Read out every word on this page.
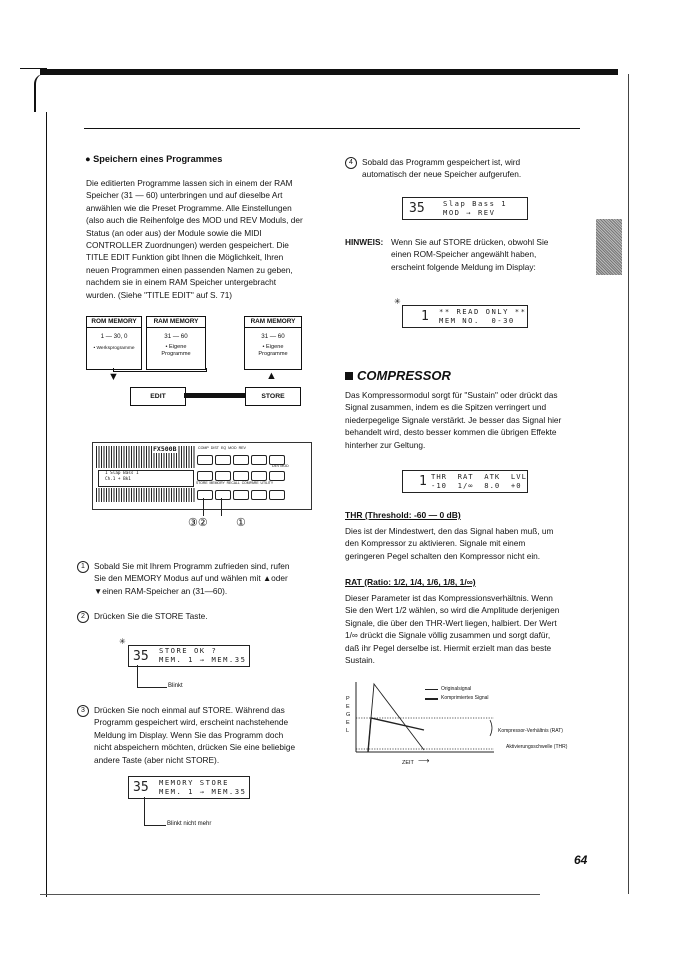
● Speichern eines Programmes
Die editierten Programme lassen sich in einem der RAM
Speicher (31 — 60) unterbringen und auf dieselbe Art
anwählen wie die Preset Programme. Alle Einstellungen
(also auch die Reihenfolge des MOD und REV Moduls, der
Status (an oder aus) der Module sowie die MIDI
CONTROLLER Zuordnungen) werden gespeichert. Die
TITLE EDIT Funktion gibt Ihnen die Möglichkeit, Ihren
neuen Programmen einen passenden Namen zu geben,
nachdem sie in einem RAM Speicher untergebracht
wurden. (Siehe "TITLE EDIT" auf S. 71)
ROM MEMORY
1 — 30, 0
• Werksprogramme
RAM MEMORY
31 — 60
• Eigene
Programme
RAM MEMORY
31 — 60
• Eigene
Programme
▼	▲
EDIT	STORE
FX500B
1 Slap Bass 1
Ch.1 + Bk1
COMP DIST EQ MOD REV
DEV MOD
STORE MEMORY RECALL COMPARE UTILITY
③②	①
1	Sobald Sie mit Ihrem Programm zufrieden sind, rufen
Sie den MEMORY Modus auf und wählen mit ▲oder
▼einen RAM-Speicher an (31—60).
2	Drücken Sie die STORE Taste.
35 STORE OK ?
MEM. 1 → MEM.35
✳
Blinkt
3	Drücken Sie noch einmal auf STORE. Während das
Programm gespeichert wird, erscheint nachstehende
Meldung im Display. Wenn Sie das Programm doch
nicht abspeichern möchten, drücken Sie eine beliebige
andere Taste (aber nicht STORE).
35 MEMORY STORE
MEM. 1 → MEM.35
Blinkt nicht mehr
4	Sobald das Programm gespeichert ist, wird
automatisch der neue Speicher aufgerufen.
35	Slap Bass 1
MOD → REV
HINWEIS: Wenn Sie auf STORE drücken, obwohl Sie
einen ROM-Speicher angewählt haben,
erscheint folgende Meldung im Display:
1 ** READ ONLY **
MEM NO.  0-30
✳
COMPRESSOR
Das Kompressormodul sorgt für "Sustain" oder drückt das
Signal zusammen, indem es die Spitzen verringert und
niederpegelige Signale verstärkt. Je besser das Signal hier
behandelt wird, desto besser kommen die übrigen Effekte
hinterher zur Geltung.
1 THR  RAT  ATK  LVL
-10  1/∞  8.0  +0
THR (Threshold: -60 — 0 dB)
Dies ist der Mindestwert, den das Signal haben muß, um
den Kompressor zu aktivieren. Signale mit einem
geringeren Pegel schalten den Kompressor nicht ein.
RAT (Ratio: 1/2, 1/4, 1/6, 1/8, 1/∞)
Dieser Parameter ist das Kompressionsverhältnis. Wenn
Sie den Wert 1/2 wählen, so wird die Amplitude derjenigen
Signale, die über den THR-Wert liegen, halbiert. Der Wert
1/∞ drückt die Signale völlig zusammen und sorgt dafür,
daß ihr Pegel derselbe ist. Hiermit erzielt man das beste
Sustain.
P
E
G
E
L
Originalsignal
Komprimiertes Signal
Kompressor-Verhältnis (RAT)
Aktivierungsschwelle (THR)
ZEIT ⟶
64
